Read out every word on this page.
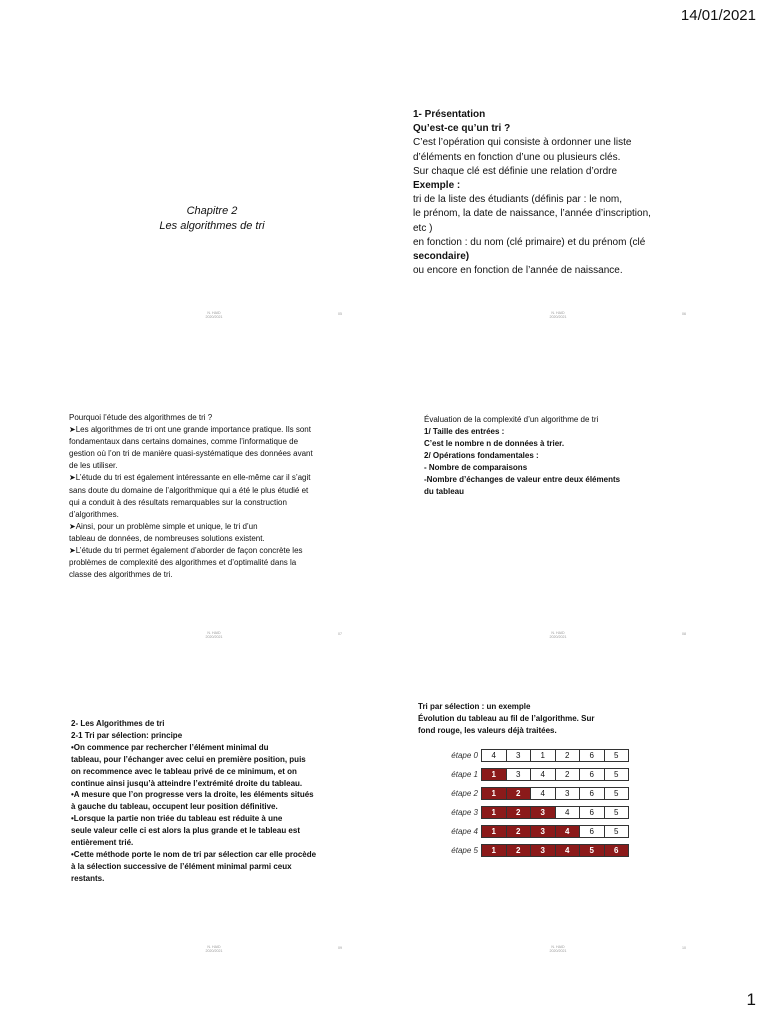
14/01/2021
Chapitre 2
Les algorithmes de tri
N. HAID
2020/2021
05
1- Présentation
Qu’est-ce qu’un tri ?
C’est l’opération qui consiste à ordonner une liste
d’éléments en fonction d’une ou plusieurs clés.
Sur chaque clé est définie une relation d’ordre
Exemple :
tri de la liste des étudiants (définis par : le nom,
le prénom, la date de naissance, l’année d’inscription,
etc )
en fonction : du nom (clé primaire) et du prénom (clé
secondaire)
ou encore en fonction de l’année de naissance.
N. HAID
2020/2021
06
Pourquoi l’étude des algorithmes de tri ?
➤Les algorithmes de tri ont une grande importance pratique. Ils sont
fondamentaux dans certains domaines, comme l’informatique de
gestion où l’on tri de manière quasi-systématique des données avant
de les utiliser.
➤L’étude du tri est également intéressante en elle-même car il s’agit
sans doute du domaine de l’algorithmique qui a été le plus étudié et
qui a conduit à des résultats remarquables sur la construction
d’algorithmes.
➤Ainsi, pour un problème simple et unique, le tri d’un
tableau de données, de nombreuses solutions existent.
➤L’étude du tri permet également d’aborder de façon concrète les
problèmes de complexité des algorithmes et d’optimalité dans la
classe des algorithmes de tri.
N. HAID
2020/2021
07
Évaluation de la complexité d’un algorithme de tri
1/ Taille des entrées :
C’est le nombre n de données à trier.
2/ Opérations fondamentales :
- Nombre de comparaisons
-Nombre d’échanges de valeur entre deux éléments
du tableau
N. HAID
2020/2021
08
2- Les Algorithmes de tri
2-1 Tri par sélection: principe
•On commence par rechercher l’élément minimal du
tableau, pour l’échanger avec celui en première position, puis
on recommence avec le tableau privé de ce minimum, et on
continue ainsi jusqu’à atteindre l’extrémité droite du tableau.
•A mesure que l’on progresse vers la droite, les éléments situés
à gauche du tableau, occupent leur position définitive.
•Lorsque la partie non triée du tableau est réduite à une
seule valeur celle ci est alors la plus grande et le tableau est
entièrement trié.
•Cette méthode porte le nom de tri par sélection car elle procède
à la sélection successive de l’élément minimal parmi ceux
restants.
N. HAID
2020/2021
09
Tri par sélection : un exemple
Évolution du tableau au fil de l’algorithme. Sur
fond rouge, les valeurs déjà traitées.
étape 0	4	3	1	2	6	5
étape 1	1	3	4	2	6	5
étape 2	1	2	4	3	6	5
étape 3	1	2	3	4	6	5
étape 4	1	2	3	4	6	5
étape 5	1	2	3	4	5	6
N. HAID
2020/2021
10
1
